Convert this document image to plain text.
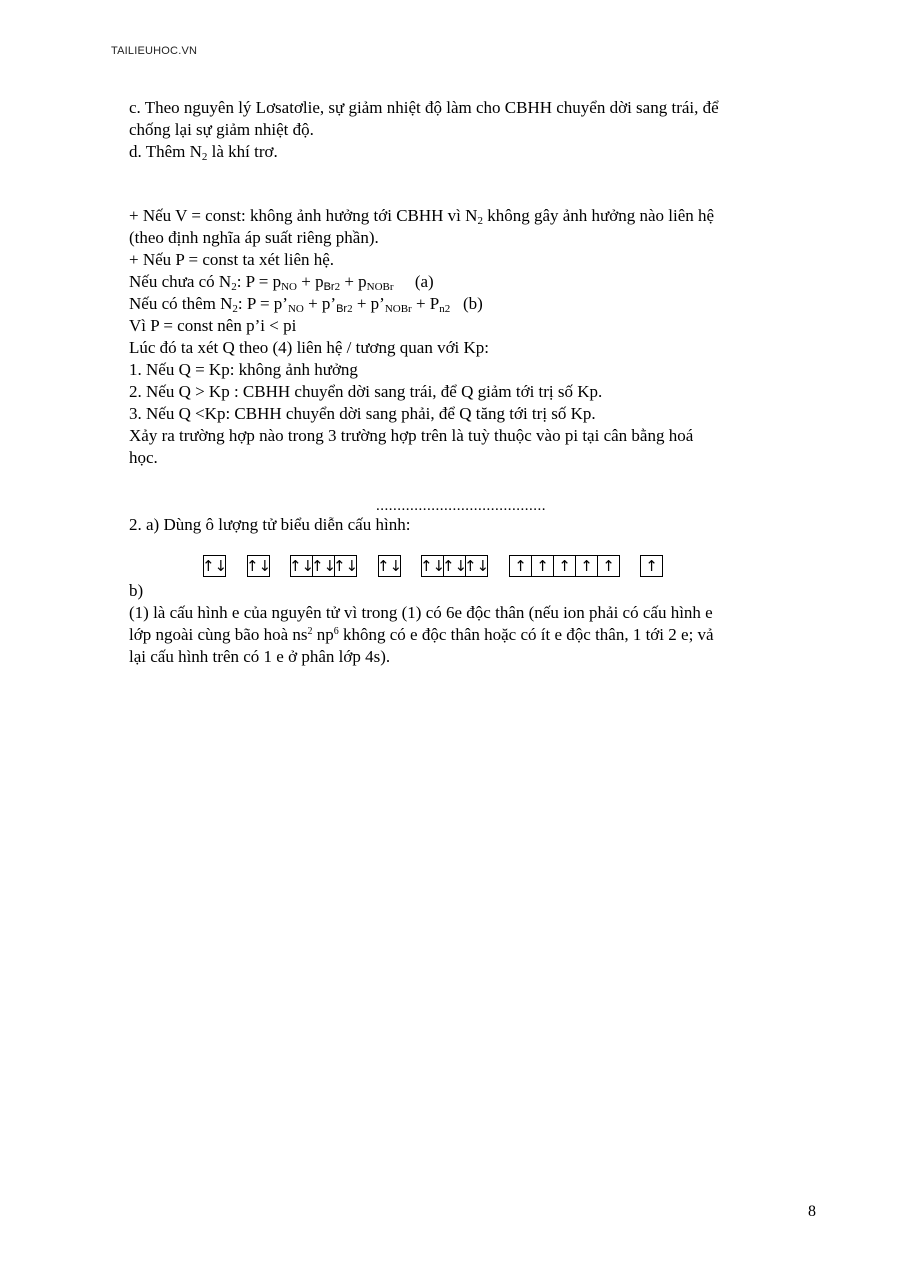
TAILIEUHOC.VN
c. Theo nguyên lý Lơsatơlie, sự giảm nhiệt độ làm cho CBHH chuyển dời sang trái, để
chống lại sự giảm nhiệt độ.
d. Thêm $N_2$ là khí trơ.
+ Nếu V = const: không ảnh hưởng tới CBHH vì $N_2$ không gây ảnh hưởng nào liên hệ
(theo định nghĩa áp suất riêng phần).
+ Nếu P = const ta xét liên hệ.
Nếu chưa có $N_2$: $P = p_{NO} + p_{Br2} + p_{NOBr}$     (a)
Nếu có thêm $N_2$: $P = p’_{NO}$ + $p’_{Br2}$ + $p’_{NOBr} + P_{n2}$   (b)
Vì P = const nên p’i < pi
Lúc đó ta xét Q theo (4) liên hệ / tương quan với Kp:
1. Nếu Q = Kp: không ảnh hưởng
2. Nếu Q > Kp : CBHH chuyển dời sang trái, để Q giảm tới trị số Kp.
3. Nếu Q <Kp: CBHH chuyển dời sang phải, để Q tăng tới trị số Kp.
Xảy ra trường hợp nào trong 3 trường hợp trên là tuỳ thuộc vào pi tại cân bằng hoá
học.
........................................
2. a) Dùng ô lượng tử biểu diễn cấu hình:
↑↓ ↑↓ ↑↓
↑↓
↑↓ ↑↓ ↑↓
↑↓
↑↓	↑ ↑ ↑ ↑ ↑	↑
b)
(1) là cấu hình e của nguyên tử vì trong (1) có 6e độc thân (nếu ion phải có cấu hình e
lớp ngoài cùng bão hoà $ns^2$ $np^6$ không có e độc thân hoặc có ít e độc thân, 1 tới 2 e; vả
lại cấu hình trên có 1 e ở phân lớp 4s).
8
